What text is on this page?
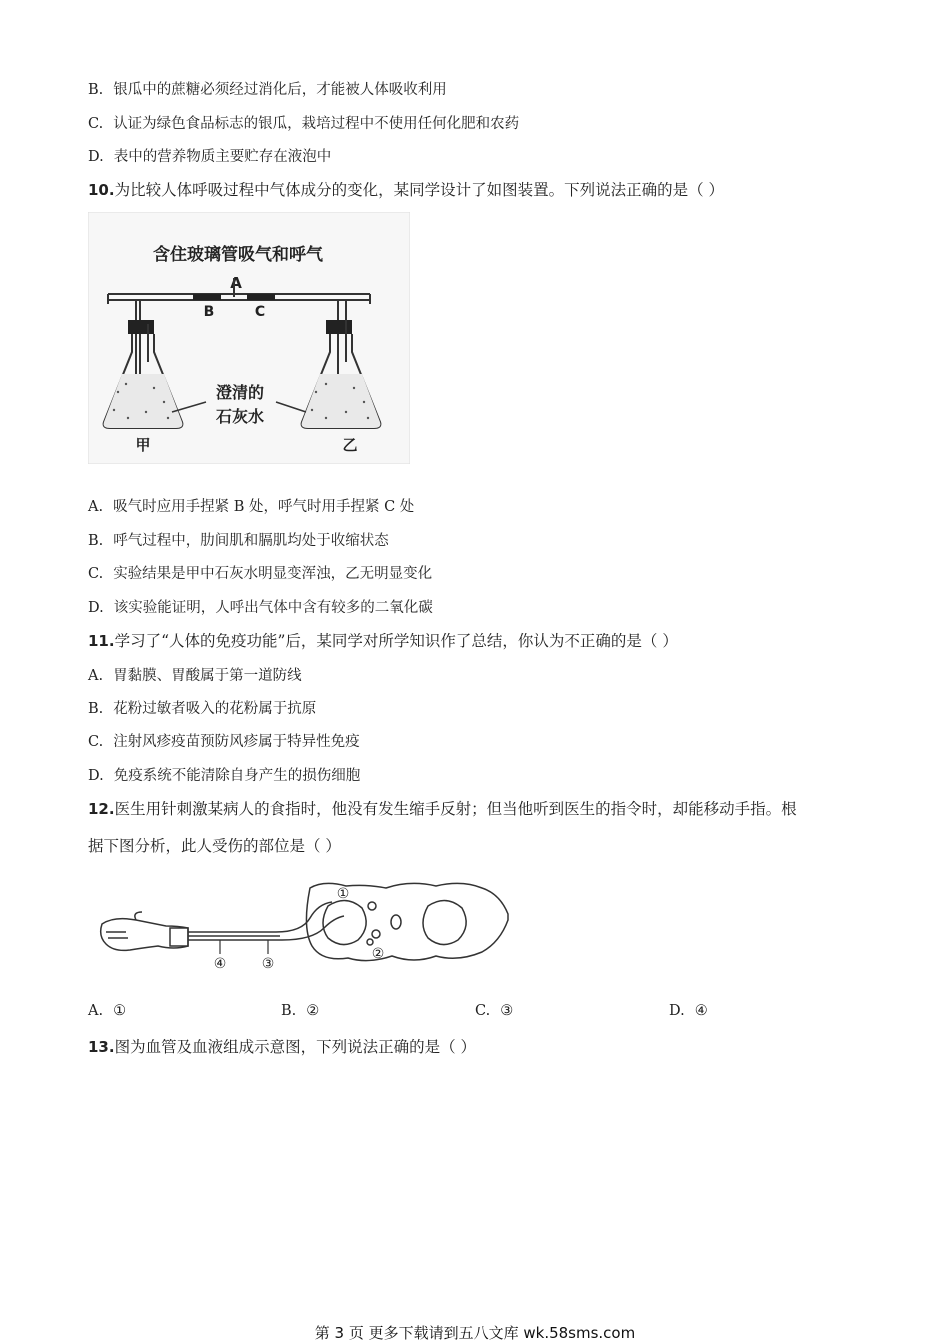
B. 银瓜中的蔗糖必须经过消化后，才能被人体吸收利用
C. 认证为绿色食品标志的银瓜，栽培过程中不使用任何化肥和农药
D. 表中的营养物质主要贮存在液泡中
10.为比较人体呼吸过程中气体成分的变化，某同学设计了如图装置。下列说法正确的是（ ）
含住玻璃管吸气和呼气
A
B	C
甲	乙
澄清的
石灰水
A. 吸气时应用手捏紧 B 处，呼气时用手捏紧 C 处
B. 呼气过程中，肋间肌和膈肌均处于收缩状态
C. 实验结果是甲中石灰水明显变浑浊，乙无明显变化
D. 该实验能证明，人呼出气体中含有较多的二氧化碳
11.学习了“人体的免疫功能”后，某同学对所学知识作了总结，你认为不正确的是（ ）
A. 胃黏膜、胃酸属于第一道防线
B. 花粉过敏者吸入的花粉属于抗原
C. 注射风疹疫苗预防风疹属于特异性免疫
D. 免疫系统不能清除自身产生的损伤细胞
12.医生用针刺激某病人的食指时，他没有发生缩手反射；但当他听到医生的指令时，却能移动手指。根
据下图分析，此人受伤的部位是（ ）
①
②
③
④
A. ①	B. ②	C. ③	D. ④
13.图为血管及血液组成示意图，下列说法正确的是（ ）
第 3 页 更多下载请到五八文库 wk.58sms.com
